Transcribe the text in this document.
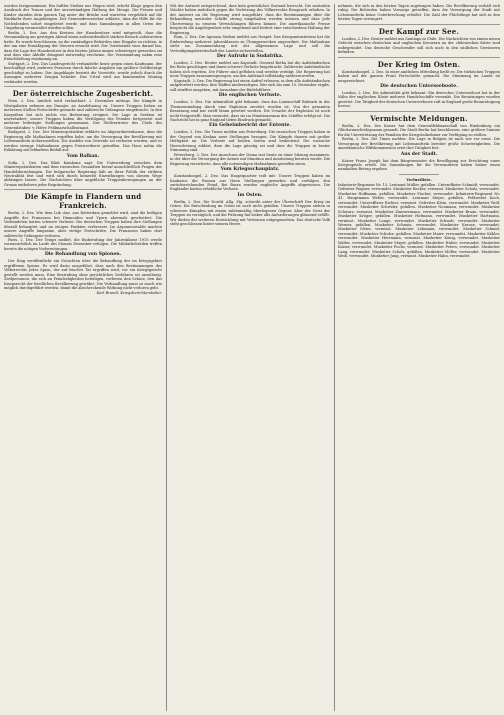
worden festgenommen. Ein Saftler Stoiber aus Hagen wird, erhebt Klage gegen den Ausdruck der Trauer und der unverständigen Haltung der Menge. Die Frauen und Kinder standen dem ganzen Tag unter der Brücke und warteten vergeblich auf die Rückkehr ihrer Angehörigen. Der Gemeindevorsteher erklärte, dass die Hilfe für die Notleidenden sofort eingeleitet werde und dass Sammlungen in allen Orten der Umgebung veranstaltet werden sollen.

Berlin, 2. Dez. Aus den Kreisen der Hausbesitzer wird mitgeteilt, dass die Versammlung am gestrigen Abend einen außerordentlich starken Besuch aufzuweisen hatte. Es wurde beschlossen, an die zuständigen Behörden eine Eingabe zu richten, in der um eine Ermäßigung der Steuern ersucht wird. Der Vorsitzende wies darauf hin, dass die Lage der Hausbesitzer in den letzten Jahren immer schwieriger geworden sei und dass eine Abhilfe dringend notwendig erscheine. Die Versammlung nahm eine Entschließung einstimmig an.

Stuttgart, 2. Dez. Das Landesgericht verhandelte heute gegen einen Kaufmann, der beschuldigt wird, mehrere Personen durch falsche Angaben um größere Geldbeträge geschädigt zu haben. Der Angeklagte bestritt die Vorwürfe, wurde jedoch durch die Aussagen mehrerer Zeugen belastet. Das Urteil wird am kommenden Montag verkündet werden.

Der österreichische Zugesbericht.

Wien, 2. Dez. Amtlich wird verlautbart: 2. Dezember mittags. Die Kämpfe in Westgalizien nehmen am Dunajec an Ausdehnung zu. Unsere Truppen haben an mehreren Stellen Fortschritte gemacht und zahlreiche Gefangene eingebracht. In den Karpathen hat sich nichts von Bedeutung ereignet. Die Lage in Serbien ist unverändert; unsere Truppen haben die Verfolgung des Feindes fortgesetzt und mehrere befestigte Stellungen genommen. Der Stellvertreter des Chefs des Generalstabes: v. Höfer, Feldmarschalleutnant.

Budapest, 2. Dez. Der Ministerpräsident erklärte im Abgeordnetenhause, dass die Regierung alle Maßnahmen ergriffen habe, um die Versorgung der Bevölkerung mit Lebensmitteln sicherzustellen. Die Ausfuhr von Getreide sei verboten worden, und es werden strenge Maßnahmen gegen Preistreiberei getroffen. Das Haus nahm die Erklärung mit lebhaftem Beifall auf.

Vom Balkan.

Sofia, 2. Dez. Das Blatt Kambana sagt: Die Unterredung zwischen dem Ministerpräsidenten und dem russischen Gesandten betraf ausschließlich Fragen der Handelsbeziehungen. Die bulgarische Regierung hält an ihrer Politik der strikten Neutralität fest und wird sich durch keinerlei Einwirkungen von diesem Wege abbringen lassen. Die Nachrichten über angebliche Truppenbewegungen an der Grenze entbehren jeder Begründung.

Die Kämpfe in Flandern und Frankreich.

Berlin, 2. Dez. Wie dem Lok.-Anz. aus Rotterdam gemeldet wird, sind die heftigen Angriffe der Franzosen bei Dixmuiden und Ypern abermals gescheitert. Die Verbündeten hatten schwere Verluste. Die deutschen Truppen haben ihre Stellungen überall behauptet und an einigen Punkten verbessert. Im Argonnenwalde machen unsere Angriffe langsame, aber stetige Fortschritte. Die Franzosen haben dort zahlreiche Gefangene verloren.

Paris, 2. Dez. Der Temps meldet, die Einberufung der Jahresklasse 1915 werde voraussichtlich im Laufe des Monats Dezember erfolgen. Die Militärbehörden treffen bereits die nötigen Vorbereitungen.

Die Behandlung von Spionen.

Der Eing veröffentlicht ein Gutachten über die Behandlung der im Kriegsgebiet ergriffenen Spione. Es wird darin ausgeführt, dass nach den Bestimmungen des Völkerrechts jeder Spion, der auf frischer Tat ergriffen wird, vor ein Kriegsgericht gestellt werden muss. Eine Bestrafung ohne gerichtliches Verfahren sei unzulässig. Zivilpersonen, die sich an Feindseligkeiten beteiligen, verlieren den Schutz, den das Kriegsrecht der friedlichen Bevölkerung gewährt. Die Verhandlung muss so rasch wie möglich durchgeführt werden, damit die abschreckende Wirkung nicht verloren geht.

Karl Brandt, Kriegsberichterstatter.

Mit der Antwort entsprechend, dass kein gesetzlicher Zustand herrscht. Die neutralen Mächte haben mehrfach gegen die Verletzung des Völkerrechts Einspruch erhoben. In der Antwort an die Regierung wird ausgeführt, dass die Bestimmungen über die Behandlung neutraler Schiffe streng eingehalten werden müssen und dass jede Übertretung zu ernsten Verwicklungen führen könnte. Die amerikanische Presse bespricht die Angelegenheit sehr eingehend und fordert eine entschiedene Haltung der Regierung.

Rom, 2. Dez. Die Agenzia Stefani meldet aus Neapel: Das Kriegsministerium hat die Einberufung mehrerer Jahresklassen zu Übungszwecken angeordnet. Die Maßnahme steht im Zusammenhang mit der allgemeinen Lage und soll die Verteidigungsbereitschaft des Landes sicherstellen.

Der Aufruhr in Sudafrika.

London, 2. Dez. Reuter meldet aus Kapstadt: General Botha hat die Aufständischen bei Reitz geschlagen und ihnen schwere Verluste beigebracht. Zahlreiche Aufständische haben sich ergeben. Die Führer sind geflohen und werden verfolgt. Die Regierung hat neue Truppen zusammengezogen, um den Aufstand vollständig niederzuwerfen.

Kapstadt, 2. Dez. Die Regierung hat einen Aufruf erlassen, in dem alle Aufständischen aufgefordert werden, ihre Waffen niederzulegen. Wer sich bis zum 10. Dezember ergibt, soll straffrei ausgehen, mit Ausnahme der Rädelsführer.

Die englischen Verluste.

London, 2. Dez. Die Admiralität gibt bekannt, dass das Linienschiff Bulwark in der Themsemündung durch eine Explosion zerstört worden ist. Von der gesamten Besatzung sind nur zwölf Mann gerettet worden. Die Ursache der Explosion ist noch nicht festgestellt. Man vermutet, dass sie im Munitionsraum des Schiffes erfolgt ist. Die Nachricht hat in ganz England tiefen Eindruck gemacht.

Ein Geheimbericht der Entente.

London, 2. Dez. Die Times melden aus Petersburg: Die russischen Truppen haben in der Gegend von Krakau neue Stellungen bezogen. Die Kämpfe dauern mit großer Heftigkeit an. Die Verluste auf beiden Seiten sind bedeutend. Die russische Heeresleitung erklärt, dass die Lage günstig sei und dass die Truppen in bester Stimmung sind.

Petersburg, 2. Dez. Der Ausschuss der Duma trat heute zu einer Sitzung zusammen, in der über die Versorgung der Armee mit Munition und Ausrüstung beraten wurde. Die Regierung versicherte, dass alle notwendigen Maßnahmen getroffen seien.

Vom Kriegsschauplatz.

Konstantinopel, 2. Dez. Das Hauptquartier teilt mit: Unsere Truppen haben im Kaukasus die Russen aus ihren Stellungen geworfen und verfolgen den zurückweichenden Feind. Bei Basra wurden englische Angriffe abgewiesen. Die Engländer hatten erhebliche Verluste.

Im Osten.

Berlin, 2. Dez. Die Nordd. Allg. Ztg. schreibt unter der Überschrift Der Krieg im Osten: Die Entscheidung im Osten ist noch nicht gefallen. Unsere Truppen stehen in schweren Kämpfen mit einem zahlenmäßig überlegenen Gegner. Aber der Geist der Truppen ist vorzüglich, und die Führung hat bisher alle Anforderungen glänzend erfüllt. Wir dürfen der weiteren Entwicklung mit Vertrauen entgegensehen. Das deutsche Volk steht geschlossen hinter seinem Heere.

nehmen, die sich in den letzten Tagen zugetragen haben. Die Bevölkerung verhält sich ruhig. Die Behörden haben Vorsorge getroffen, dass die Versorgung der Stadt mit Lebensmitteln keine Unterbrechung erleidet. Die Zahl der Flüchtlinge hat sich in den letzten Tagen verringert.

Der Kampf zur See.

London, 2. Dez. Reuter meldet aus Santiago in Chile: Die Nachrichten von einem neuen Gefecht zwischen deutschen und englischen Kreuzern an der chilenischen Küste sind unbegründet. Das deutsche Geschwader soll sich noch in den südlichen Gewässern befinden.

Der Krieg im Osten.

Konstantinopel, 2. Dez. In einer amtlichen Mitteilung heißt es: Die türkischen Truppen haben auf der ganzen Front Fortschritte gemacht. Die Stimmung im Lande ist ausgezeichnet.

Die deutschen Unterseeboote.

London, 2. Dez. Die Admiralität gibt bekannt: Ein deutsches Unterseeboot hat in der Nähe der englischen Küste mehrere Handelsschiffe versenkt. Die Besatzungen wurden gerettet. Die Tätigkeit der deutschen Unterseeboote ruft in England große Beunruhigung hervor.

Vermischte Meldungen.

Berlin, 2. Dez. Der Kaiser hat dem Generalfeldmarschall von Hindenburg ein Glückwunschtelegramm gesandt. Die Stadt Berlin hat beschlossen, eine größere Summe für die Unterstützung der Familien der Kriegsteilnehmer zur Verfügung zu stellen.

Berlin, 2. Dez. Die Times melden: Die Lage in Belgien ist nach wie vor ernst. Die Versorgung der Bevölkerung mit Lebensmitteln bereitet große Schwierigkeiten. Die amerikanische Hilfskommission setzt ihre Tätigkeit fort.

Aus der Stadt.

Kaiser Franz Joseph hat dem Bürgermeister die Bewilligung zur Errichtung eines Kriegsspitals erteilt. Die Sammlungen für die Verwundeten haben bisher einen namhaften Betrag ergeben.

Verlustliste.

Infanterie-Regiment Nr. 15. Leutnant Müller, gefallen. Unteroffizier Schmidt, verwundet. Gefreiter Wagner, verwundet. Musketier Becker, vermisst. Musketier Schulz, verwundet. Musketier Hoffmann, gefallen. Musketier Fischer, verwundet. Infanterie-Regiment Nr. 41. Hauptmann Weber, verwundet. Leutnant Meyer, gefallen. Feldwebel Koch, verwundet. Unteroffizier Richter, vermisst. Gefreiter Klein, verwundet. Musketier Wolf, verwundet. Musketier Schröder, gefallen. Musketier Neumann, verwundet. Musketier Schwarz, vermisst. Musketier Zimmermann, verwundet. Musketier Braun, verwundet. Musketier Krüger, gefallen. Musketier Hofmann, verwundet. Musketier Hartmann, vermisst. Musketier Lange, verwundet. Musketier Schmitt, verwundet. Musketier Werner, gefallen. Musketier Schmitz, verwundet. Musketier Krause, verwundet. Musketier Meier, vermisst. Musketier Lehmann, verwundet. Musketier Schmid, verwundet. Musketier Schulze, gefallen. Musketier Maier, verwundet. Musketier Köhler, verwundet. Musketier Herrmann, vermisst. Musketier König, verwundet. Musketier Walter, verwundet. Musketier Mayer, gefallen. Musketier Huber, verwundet. Musketier Kaiser, verwundet. Musketier Fuchs, vermisst. Musketier Peters, verwundet. Musketier Lang, verwundet. Musketier Scholz, gefallen. Musketier Möller, verwundet. Musketier Weiß, verwundet. Musketier Jung, vermisst. Musketier Hahn, verwundet.
